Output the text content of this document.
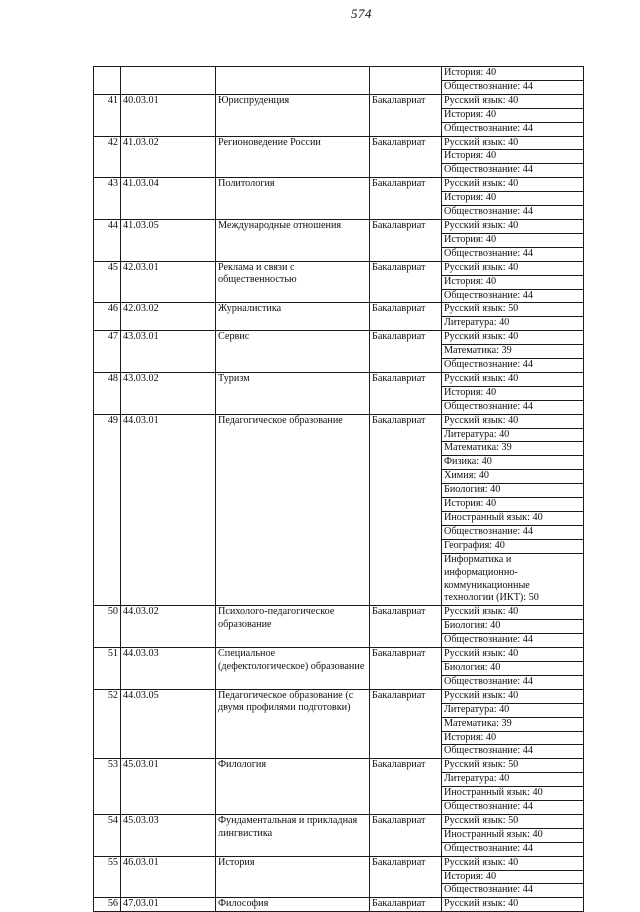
574
				История: 40
				Обществознание: 44
41	40.03.01	Юриспруденция	Бакалавриат	Русский язык: 40
				История: 40
				Обществознание: 44
42	41.03.02	Регионоведение России	Бакалавриат	Русский язык: 40
				История: 40
				Обществознание: 44
43	41.03.04	Политология	Бакалавриат	Русский язык: 40
				История: 40
				Обществознание: 44
44	41.03.05	Международные отношения	Бакалавриат	Русский язык: 40
				История: 40
				Обществознание: 44
45	42.03.01	Реклама и связи с общественностью	Бакалавриат	Русский язык: 40
				История: 40
				Обществознание: 44
46	42.03.02	Журналистика	Бакалавриат	Русский язык: 50
				Литература: 40
47	43.03.01	Сервис	Бакалавриат	Русский язык: 40
				Математика: 39
				Обществознание: 44
48	43.03.02	Туризм	Бакалавриат	Русский язык: 40
				История: 40
				Обществознание: 44
49	44.03.01	Педагогическое образование	Бакалавриат	Русский язык: 40
				Литература: 40
				Математика: 39
				Физика: 40
				Химия: 40
				Биология: 40
				История: 40
				Иностранный язык: 40
				Обществознание: 44
				География: 40
				Информатика и информационно-коммуникационные технологии (ИКТ): 50
50	44.03.02	Психолого-педагогическое образование	Бакалавриат	Русский язык: 40
				Биология: 40
				Обществознание: 44
51	44.03.03	Специальное (дефектологическое) образование	Бакалавриат	Русский язык: 40
				Биология: 40
				Обществознание: 44
52	44.03.05	Педагогическое образование (с двумя профилями подготовки)	Бакалавриат	Русский язык: 40
				Литература: 40
				Математика: 39
				История: 40
				Обществознание: 44
53	45.03.01	Филология	Бакалавриат	Русский язык: 50
				Литература: 40
				Иностранный язык: 40
				Обществознание: 44
54	45.03.03	Фундаментальная и прикладная лингвистика	Бакалавриат	Русский язык: 50
				Иностранный язык: 40
				Обществознание: 44
55	46.03.01	История	Бакалавриат	Русский язык: 40
				История: 40
				Обществознание: 44
56	47.03.01	Философия	Бакалавриат	Русский язык: 40
